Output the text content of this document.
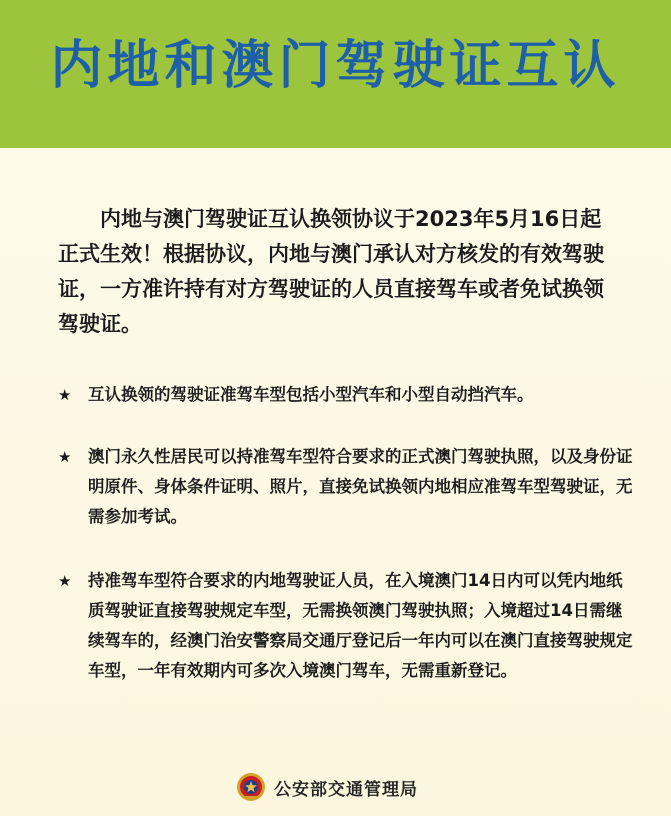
内地和澳门驾驶证互认

内地与澳门驾驶证互认换领协议于2023年5月16日起正式生效！根据协议，内地与澳门承认对方核发的有效驾驶证，一方准许持有对方驾驶证的人员直接驾车或者免试换领驾驶证。

★	互认换领的驾驶证准驾车型包括小型汽车和小型自动挡汽车。
★	澳门永久性居民可以持准驾车型符合要求的正式澳门驾驶执照，以及身份证明原件、身体条件证明、照片，直接免试换领内地相应准驾车型驾驶证，无需参加考试。
★	持准驾车型符合要求的内地驾驶证人员，在入境澳门14日内可以凭内地纸质驾驶证直接驾驶规定车型，无需换领澳门驾驶执照；入境超过14日需继续驾车的，经澳门治安警察局交通厅登记后一年内可以在澳门直接驾驶规定车型，一年有效期内可多次入境澳门驾车，无需重新登记。
公安部交通管理局
